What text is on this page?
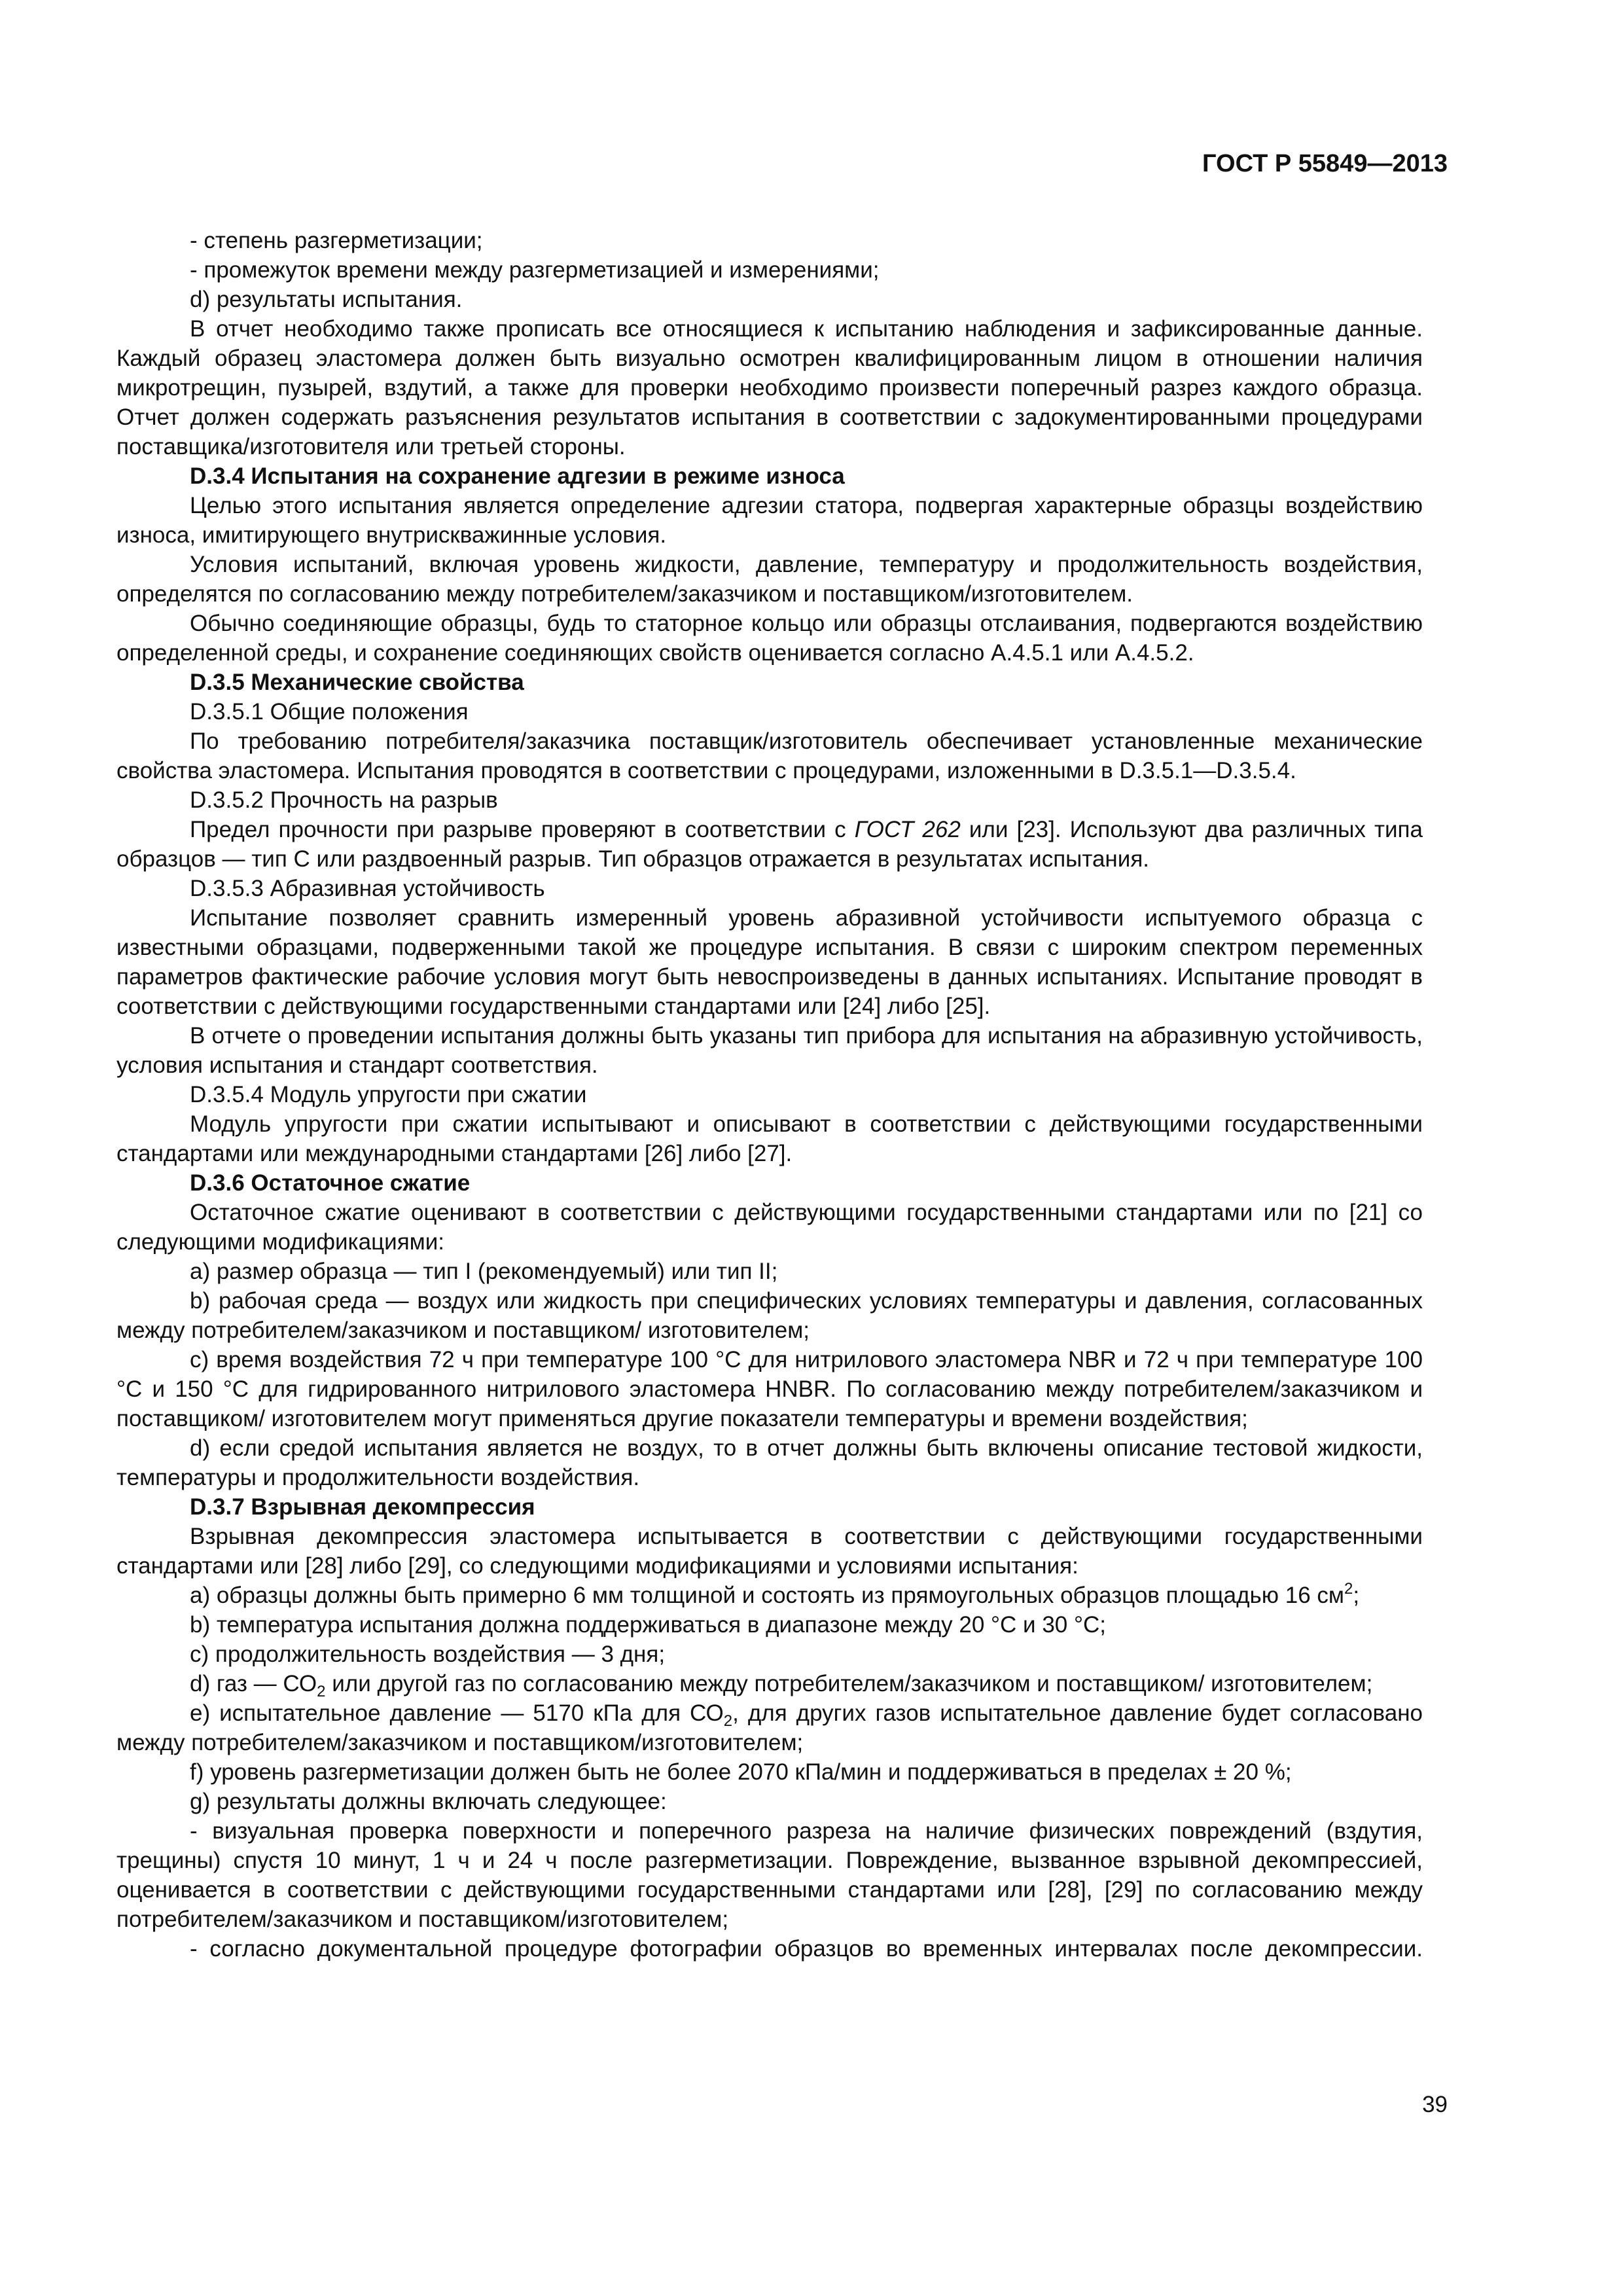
ГОСТ Р 55849—2013

- степень разгерметизации;

- промежуток времени между разгерметизацией и измерениями;

d) результаты испытания.

В отчет необходимо также прописать все относящиеся к испытанию наблюдения и зафиксированные данные. Каждый образец эластомера должен быть визуально осмотрен квалифицированным лицом в отношении наличия микротрещин, пузырей, вздутий, а также для проверки необходимо произвести поперечный разрез каждого образца. Отчет должен содержать разъяснения результатов испытания в соответствии с задокументированными процедурами поставщика/изготовителя или третьей стороны.

D.3.4 Испытания на сохранение адгезии в режиме износа

Целью этого испытания является определение адгезии статора, подвергая характерные образцы воздействию износа, имитирующего внутрискважинные условия.

Условия испытаний, включая уровень жидкости, давление, температуру и продолжительность воздействия, определятся по согласованию между потребителем/заказчиком и поставщиком/изготовителем.

Обычно соединяющие образцы, будь то статорное кольцо или образцы отслаивания, подвергаются воздействию определенной среды, и сохранение соединяющих свойств оценивается согласно А.4.5.1 или А.4.5.2.

D.3.5 Механические свойства

D.3.5.1 Общие положения

По требованию потребителя/заказчика поставщик/изготовитель обеспечивает установленные механические свойства эластомера. Испытания проводятся в соответствии с процедурами, изложенными в D.3.5.1—D.3.5.4.

D.3.5.2 Прочность на разрыв

Предел прочности при разрыве проверяют в соответствии с ГОСТ 262 или [23]. Используют два различных типа образцов — тип С или раздвоенный разрыв. Тип образцов отражается в результатах испытания.

D.3.5.3 Абразивная устойчивость

Испытание позволяет сравнить измеренный уровень абразивной устойчивости испытуемого образца с известными образцами, подверженными такой же процедуре испытания. В связи с широким спектром переменных параметров фактические рабочие условия могут быть невоспроизведены в данных испытаниях. Испытание проводят в соответствии с действующими государственными стандартами или [24] либо [25].

В отчете о проведении испытания должны быть указаны тип прибора для испытания на абразивную устойчивость, условия испытания и стандарт соответствия.

D.3.5.4 Модуль упругости при сжатии

Модуль упругости при сжатии испытывают и описывают в соответствии с действующими государственными стандартами или международными стандартами [26] либо [27].

D.3.6 Остаточное сжатие

Остаточное сжатие оценивают в соответствии с действующими государственными стандартами или по [21] со следующими модификациями:

a) размер образца — тип I (рекомендуемый) или тип II;

b) рабочая среда — воздух или жидкость при специфических условиях температуры и давления, согласованных между потребителем/заказчиком и поставщиком/ изготовителем;

c) время воздействия 72 ч при температуре 100 °С для нитрилового эластомера NBR и 72 ч при температуре 100 °С и 150 °С для гидрированного нитрилового эластомера HNBR. По согласованию между потребителем/заказчиком и поставщиком/ изготовителем могут применяться другие показатели температуры и времени воздействия;

d) если средой испытания является не воздух, то в отчет должны быть включены описание тестовой жидкости, температуры и продолжительности воздействия.

D.3.7 Взрывная декомпрессия

Взрывная декомпрессия эластомера испытывается в соответствии с действующими государственными стандартами или [28] либо [29], со следующими модификациями и условиями испытания:

a) образцы должны быть примерно 6 мм толщиной и состоять из прямоугольных образцов площадью 16 $см^2$;

b) температура испытания должна поддерживаться в диапазоне между 20 °С и 30 °С;

c) продолжительность воздействия — 3 дня;

d) газ — $СО_2$ или другой газ по согласованию между потребителем/заказчиком и поставщиком/ изготовителем;

e) испытательное давление — 5170 кПа для $СО_2$, для других газов испытательное давление будет согласовано между потребителем/заказчиком и поставщиком/изготовителем;

f) уровень разгерметизации должен быть не более 2070 кПа/мин и поддерживаться в пределах ± 20 %;

g) результаты должны включать следующее:

- визуальная проверка поверхности и поперечного разреза на наличие физических повреждений (вздутия, трещины) спустя 10 минут, 1 ч и 24 ч после разгерметизации. Повреждение, вызванное взрывной декомпрессией, оценивается в соответствии с действующими государственными стандартами или [28], [29] по согласованию между потребителем/заказчиком и поставщиком/изготовителем;

- согласно документальной процедуре фотографии образцов во временных интервалах после декомпрессии.

39
